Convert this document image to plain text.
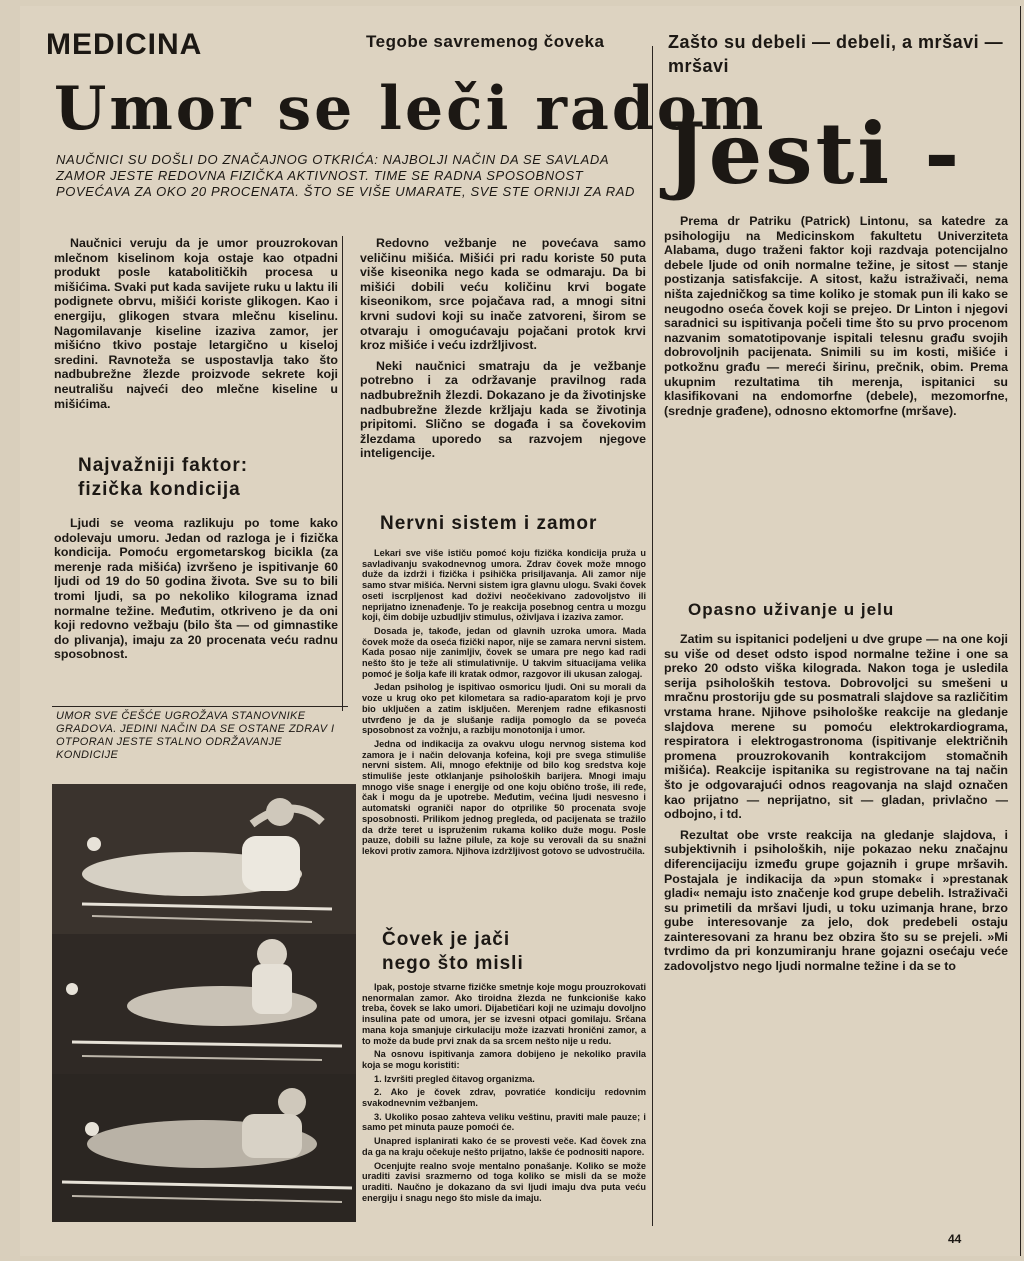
MEDICINA	Tegobe savremenog čoveka
Umor se leči radom
NAUČNICI SU DOŠLI DO ZNAČAJNOG OTKRIĆA: NAJBOLJI NAČIN DA SE SAVLADA ZAMOR JESTE REDOVNA FIZIČKA AKTIVNOST. TIME SE RADNA SPOSOBNOST POVEĆAVA ZA OKO 20 PROCENATA. ŠTO SE VIŠE UMARATE, SVE STE ORNIJI ZA RAD

Naučnici veruju da je umor prouzrokovan mlečnom kiselinom koja ostaje kao otpadni produkt posle katabolitičkih procesa u mišićima. Svaki put kada savijete ruku u laktu ili podignete obrvu, mišići koriste glikogen. Kao i energiju, glikogen stvara mlečnu kiselinu. Nagomilavanje kiseline izaziva zamor, jer mišićno tkivo postaje letargično u kiseloj sredini. Ravnoteža se uspostavlja tako što nadbubrežne žlezde proizvode sekrete koji neutrališu najveći deo mlečne kiseline u mišićima.

Najvažniji faktor: fizička kondicija

Ljudi se veoma razlikuju po tome kako odolevaju umoru. Jedan od razloga je i fizička kondicija. Pomoću ergometarskog bicikla (za merenje rada mišića) izvršeno je ispitivanje 60 ljudi od 19 do 50 godina života. Sve su to bili tromi ljudi, sa po nekoliko kilograma iznad normalne težine. Međutim, otkriveno je da oni koji redovno vežbaju (bilo šta — od gimnastike do plivanja), imaju za 20 procenata veću radnu sposobnost.

UMOR SVE ČEŠĆE UGROŽAVA STANOVNIKE GRADOVA. JEDINI NAČIN DA SE OSTANE ZDRAV I OTPORAN JESTE STALNO ODRŽAVANJE KONDICIJE

Redovno vežbanje ne povećava samo veličinu mišića. Mišići pri radu koriste 50 puta više kiseonika nego kada se odmaraju. Da bi mišići dobili veću količinu krvi bogate kiseonikom, srce pojačava rad, a mnogi sitni krvni sudovi koji su inače zatvoreni, širom se otvaraju i omogućavaju pojačani protok krvi kroz mišiće i veću izdržljivost.

Neki naučnici smatraju da je vežbanje potrebno i za održavanje pravilnog rada nadbubrežnih žlezdi. Dokazano je da životinjske nadbubrežne žlezde kržljaju kada se životinja pripitomi. Slično se događa i sa čovekovim žlezdama uporedo sa razvojem njegove inteligencije.

Nervni sistem i zamor

Lekari sve više ističu pomoć koju fizička kondicija pruža u savladivanju svakodnevnog umora. Zdrav čovek može mnogo duže da izdrži i fizička i psihička prisiljavanja. Ali zamor nije samo stvar mišića. Nervni sistem igra glavnu ulogu. Svaki čovek oseti iscrpljenost kad doživi neočekivano zadovoljstvo ili neprijatno iznenađenje. To je reakcija posebnog centra u mozgu koji, čim dobije uzbudljiv stimulus, oživljava i izaziva zamor.

Dosada je, takođe, jedan od glavnih uzroka umora. Mada čovek može da oseća fizički napor, nije se zamara nervni sistem. Kada posao nije zanimljiv, čovek se umara pre nego kad radi nešto što je teže ali stimulativnije. U takvim situacijama velika pomoć je šolja kafe ili kratak odmor, razgovor ili ukusan zalogaj.

Jedan psiholog je ispitivao osmoricu ljudi. Oni su morali da voze u krug oko pet kilometara sa radio-aparatom koji je prvo bio uključen a zatim isključen. Merenjem radne efikasnosti utvrđeno je da je slušanje radija pomoglo da se poveća sposobnost za vožnju, a razbiju monotonija i umor.

Jedna od indikacija za ovakvu ulogu nervnog sistema kod zamora je i način delovanja kofeina, koji pre svega stimuliše nervni sistem. Ali, mnogo efektnije od bilo kog sredstva koje stimuliše jeste otklanjanje psiholoških barijera. Mnogi imaju mnogo više snage i energije od one koju obično troše, ili ređe, čak i mogu da je upotrebe. Međutim, većina ljudi nesvesno i automatski ograniči napor do otprilike 50 procenata svoje sposobnosti. Prilikom jednog pregleda, od pacijenata se tražilo da drže teret u ispruženim rukama koliko duže mogu. Posle pauze, dobili su lažne pilule, za koje su verovali da su snažni lekovi protiv zamora. Njihova izdržljivost gotovo se udvostručila.

Čovek je jači nego što misli

Ipak, postoje stvarne fizičke smetnje koje mogu prouzrokovati nenormalan zamor. Ako tiroidna žlezda ne funkcioniše kako treba, čovek se lako umori. Dijabetičari koji ne uzimaju dovoljno insulina pate od umora, jer se izvesni otpaci gomilaju. Srčana mana koja smanjuje cirkulaciju može izazvati hronični zamor, a to može da bude prvi znak da sa srcem nešto nije u redu.

Na osnovu ispitivanja zamora dobijeno je nekoliko pravila koja se mogu koristiti:

1. Izvršiti pregled čitavog organizma.

2. Ako je čovek zdrav, povratiće kondiciju redovnim svakodnevnim vežbanjem.

3. Ukoliko posao zahteva veliku veštinu, praviti male pauze; i samo pet minuta pauze pomoći će.

Unapred isplanirati kako će se provesti veče. Kad čovek zna da ga na kraju očekuje nešto prijatno, lakše će podnositi napore.

Ocenjujte realno svoje mentalno ponašanje. Koliko se može uraditi zavisi srazmerno od toga koliko se misli da se može uraditi. Naučno je dokazano da svi ljudi imaju dva puta veću energiju i snagu nego što misle da imaju.

Zašto su debeli — debeli, a mršavi — mršavi
Jesti -

Prema dr Patriku (Patrick) Lintonu, sa katedre za psihologiju na Medicinskom fakultetu Univerziteta Alabama, dugo traženi faktor koji razdvaja potencijalno debele ljude od onih normalne težine, je sitost — stanje postizanja satisfakcije. A sitost, kažu istraživači, nema ništa zajedničkog sa time koliko je stomak pun ili kako se neugodno oseća čovek koji se prejeo. Dr Linton i njegovi saradnici su ispitivanja počeli time što su prvo procenom nazvanim somatotipovanje ispitali telesnu građu svojih dobrovoljnih pacijenata. Snimili su im kosti, mišiće i potkožnu građu — mereći širinu, prečnik, obim. Prema ukupnim rezultatima tih merenja, ispitanici su klasifikovani na endomorfne (debele), mezomorfne, (srednje građene), odnosno ektomorfne (mršave).

Opasno uživanje u jelu

Zatim su ispitanici podeljeni u dve grupe — na one koji su više od deset odsto ispod normalne težine i one sa preko 20 odsto viška kilograda. Nakon toga je usledila serija psiholoških testova. Dobrovoljci su smešeni u mračnu prostoriju gde su posmatrali slajdove sa različitim vrstama hrane. Njihove psihološke reakcije na gledanje slajdova merene su pomoću elektrokardiograma, respiratora i elektrogastronoma (ispitivanje električnih promena prouzrokovanih kontrakcijom stomačnih mišića). Reakcije ispitanika su registrovane na taj način što je odgovarajući odnos reagovanja na slajd označen kao prijatno — neprijatno, sit — gladan, privlačno — odbojno, i td.

Rezultat obe vrste reakcija na gledanje slajdova, i subjektivnih i psiholoških, nije pokazao neku značajnu diferencijaciju između grupe gojaznih i grupe mršavih. Postajala je indikacija da »pun stomak« i »prestanak gladi« nemaju isto značenje kod grupe debelih. Istraživači su primetili da mršavi ljudi, u toku uzimanja hrane, brzo gube interesovanje za jelo, dok predebeli ostaju zainteresovani za hranu bez obzira što su se prejeli. »Mi tvrdimo da pri konzumiranju hrane gojazni osećaju veće zadovoljstvo nego ljudi normalne težine i da se to

44
